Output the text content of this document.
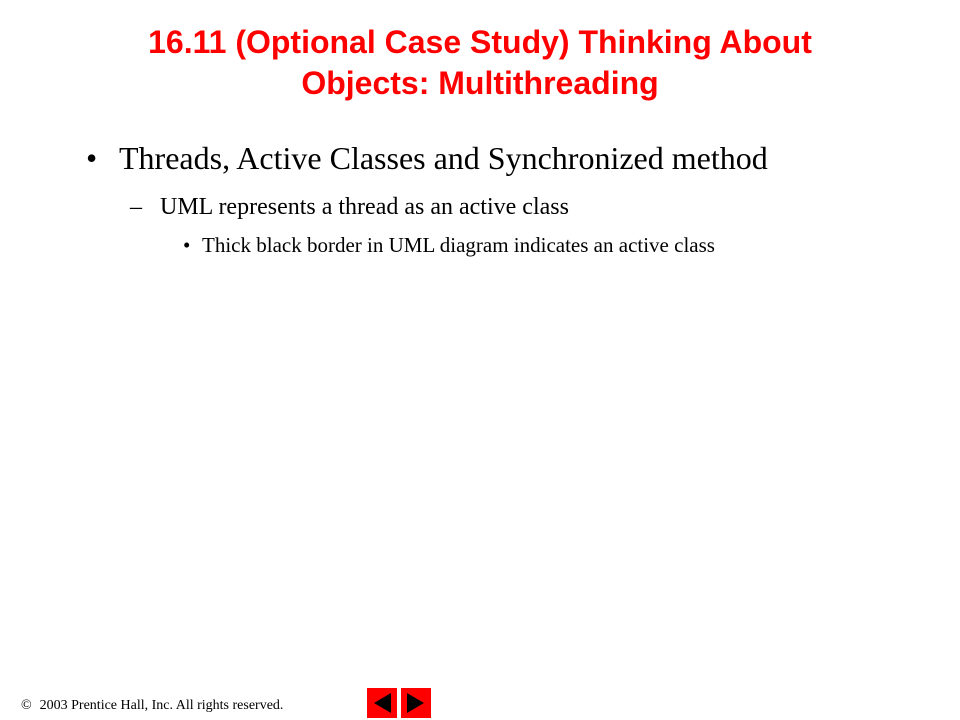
16.11 (Optional Case Study) Thinking About
Objects: Multithreading
• Threads, Active Classes and Synchronized method
– UML represents a thread as an active class
• Thick black border in UML diagram indicates an active class
© 2003 Prentice Hall, Inc. All rights reserved.
